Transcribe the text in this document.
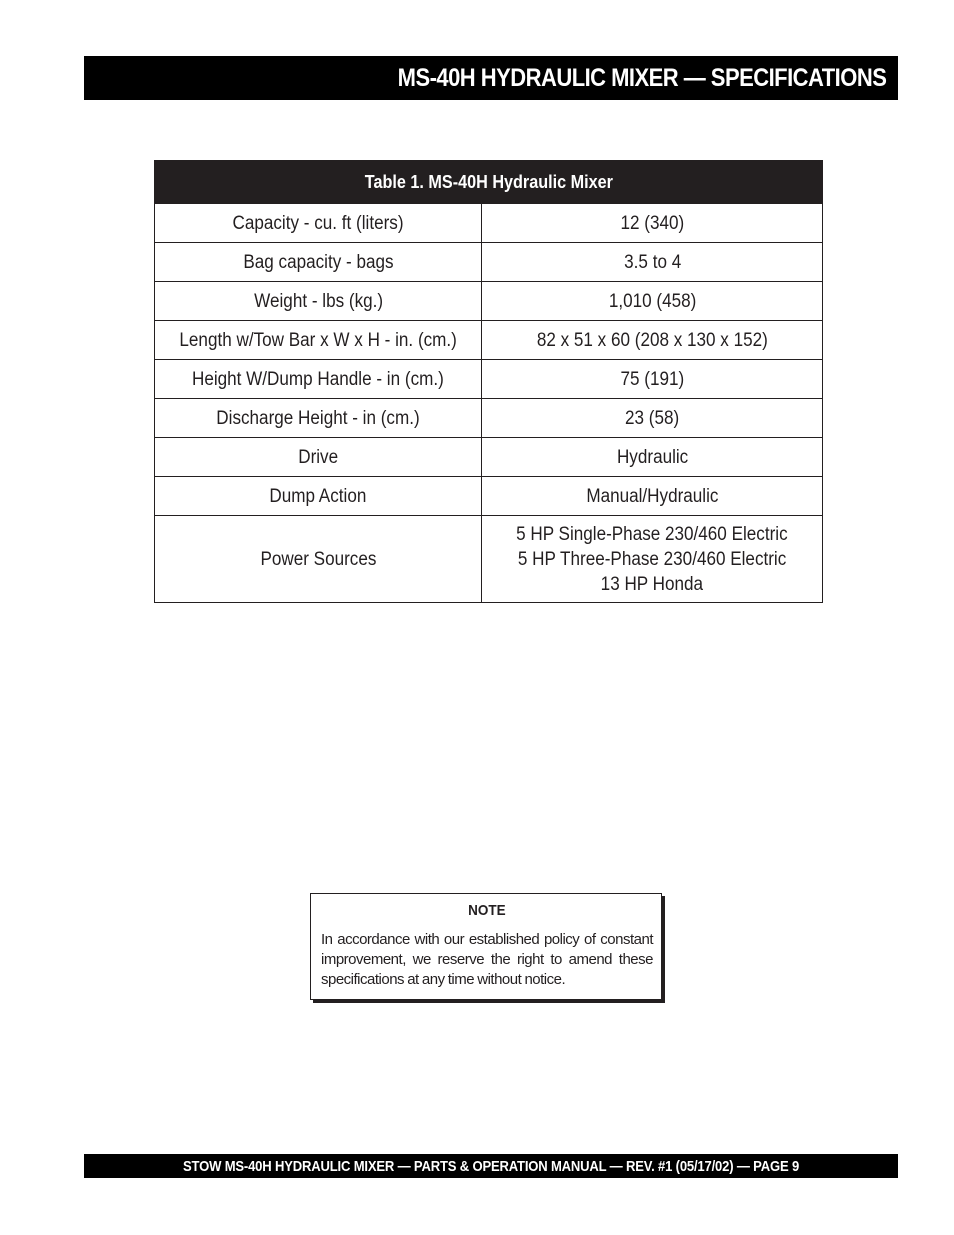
MS-40H HYDRAULIC MIXER — SPECIFICATIONS
Table 1. MS-40H Hydraulic Mixer	
Capacity - cu. ft (liters)	12 (340)
Bag capacity - bags	3.5 to 4
Weight - lbs (kg.)	1,010 (458)
Length w/Tow Bar x W x H - in. (cm.)	82 x 51 x 60 (208 x 130 x 152)
Height W/Dump Handle - in (cm.)	75 (191)
Discharge Height - in (cm.)	23 (58)
Drive	Hydraulic
Dump Action	Manual/Hydraulic
Power Sources	5 HP Single-Phase 230/460 Electric
5 HP Three-Phase 230/460 Electric
13 HP Honda
NOTE
In accordance with our established policy of constant improvement, we reserve the right to amend these specifications at any time without notice.
STOW MS-40H HYDRAULIC MIXER — PARTS & OPERATION MANUAL — REV. #1 (05/17/02) — PAGE 9
